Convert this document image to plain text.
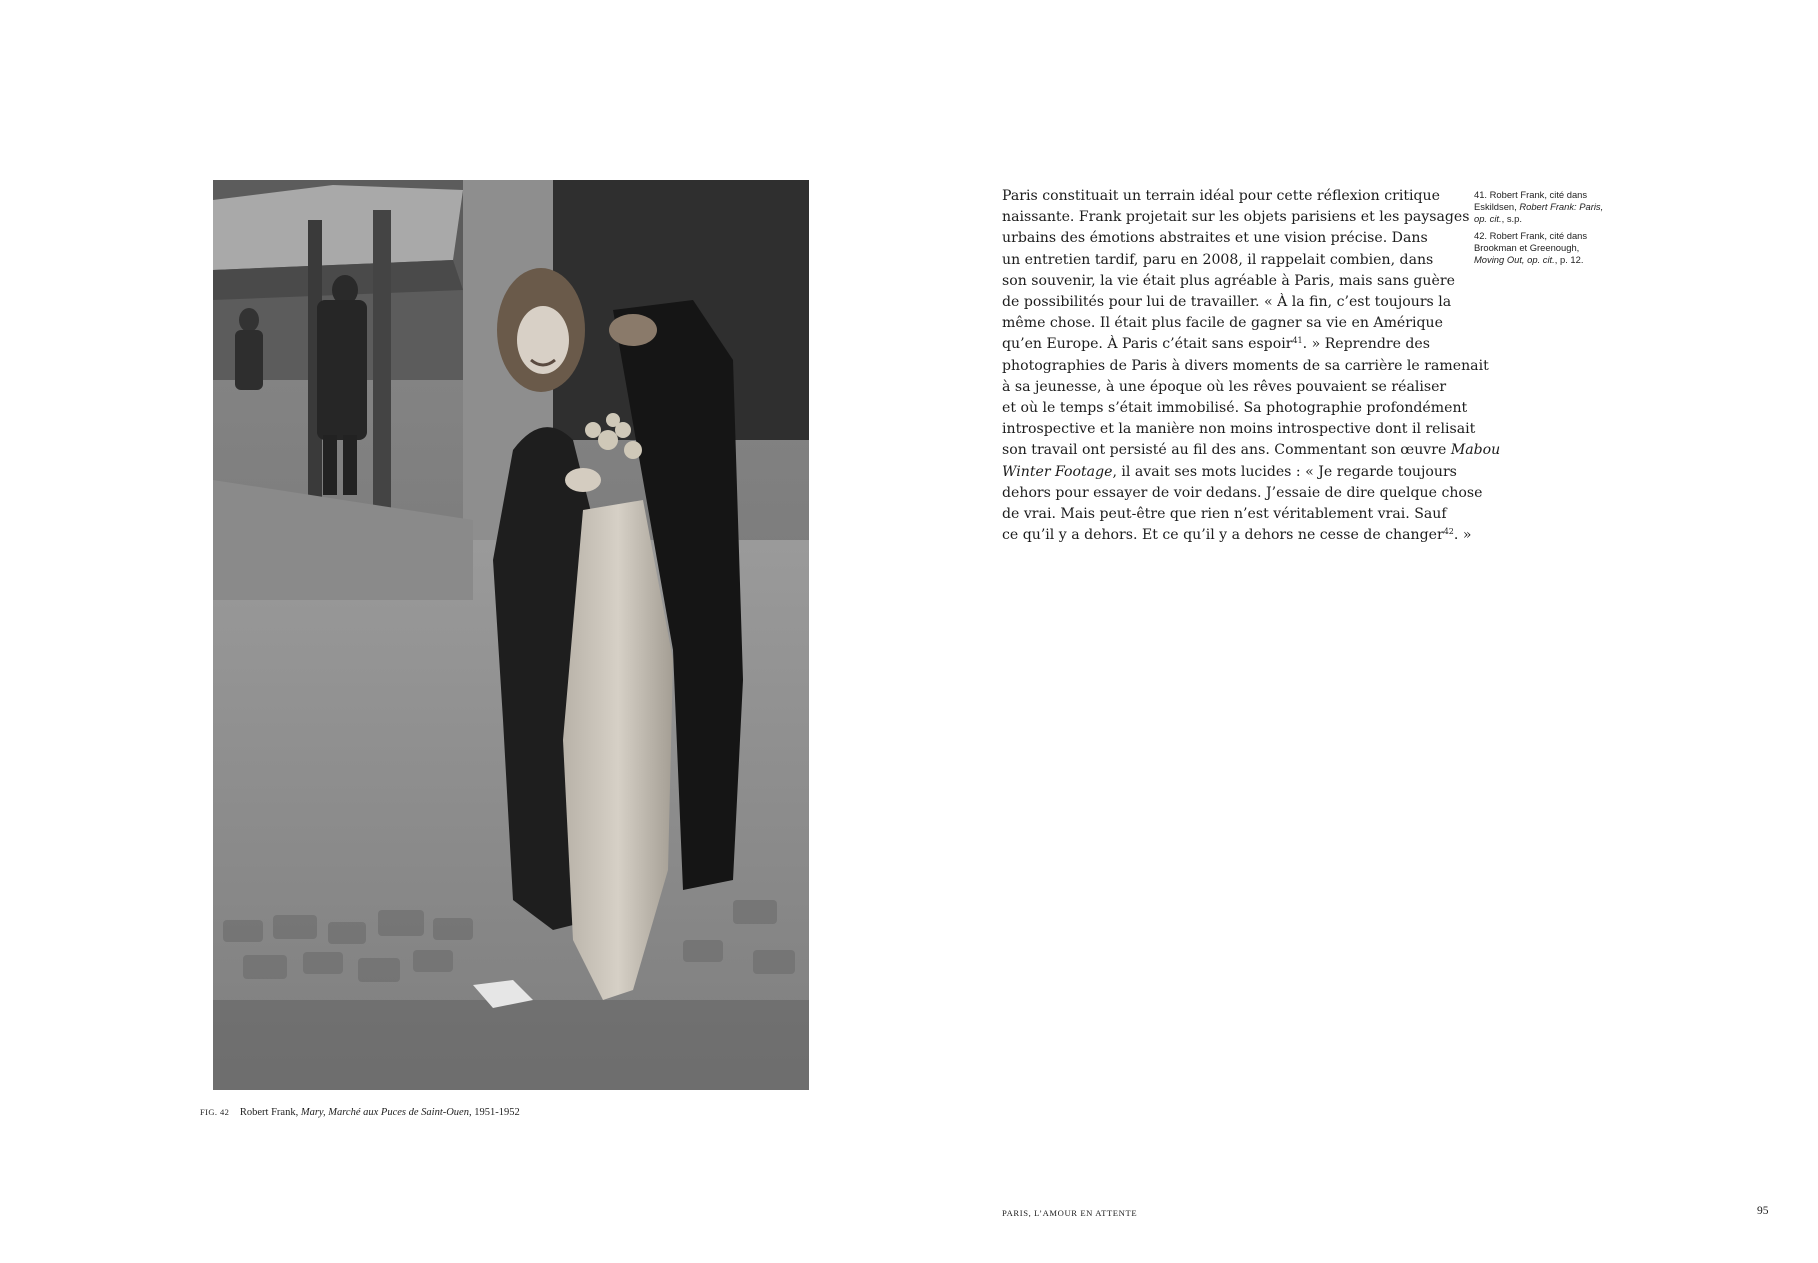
FIG. 42 Robert Frank, Mary, Marché aux Puces de Saint-Ouen, 1951-1952
Paris constituait un terrain idéal pour cette réflexion critique
naissante. Frank projetait sur les objets parisiens et les paysages
urbains des émotions abstraites et une vision précise. Dans
un entretien tardif, paru en 2008, il rappelait combien, dans
son souvenir, la vie était plus agréable à Paris, mais sans guère
de possibilités pour lui de travailler. « À la fin, c’est toujours la
même chose. Il était plus facile de gagner sa vie en Amérique
qu’en Europe. À Paris c’était sans espoir$^{41}$. » Reprendre des
photographies de Paris à divers moments de sa carrière le ramenait
à sa jeunesse, à une époque où les rêves pouvaient se réaliser
et où le temps s’était immobilisé. Sa photographie profondément
introspective et la manière non moins introspective dont il relisait
son travail ont persisté au fil des ans. Commentant son œuvre Mabou
Winter Footage, il avait ses mots lucides : « Je regarde toujours
dehors pour essayer de voir dedans. J’essaie de dire quelque chose
de vrai. Mais peut-être que rien n’est véritablement vrai. Sauf
ce qu’il y a dehors. Et ce qu’il y a dehors ne cesse de changer$^{42}$. »
41. Robert Frank, cité dans
Eskildsen, Robert Frank: Paris,
op. cit., s.p.
42. Robert Frank, cité dans
Brookman et Greenough,
Moving Out, op. cit., p. 12.
PARIS, L’AMOUR EN ATTENTE	95
